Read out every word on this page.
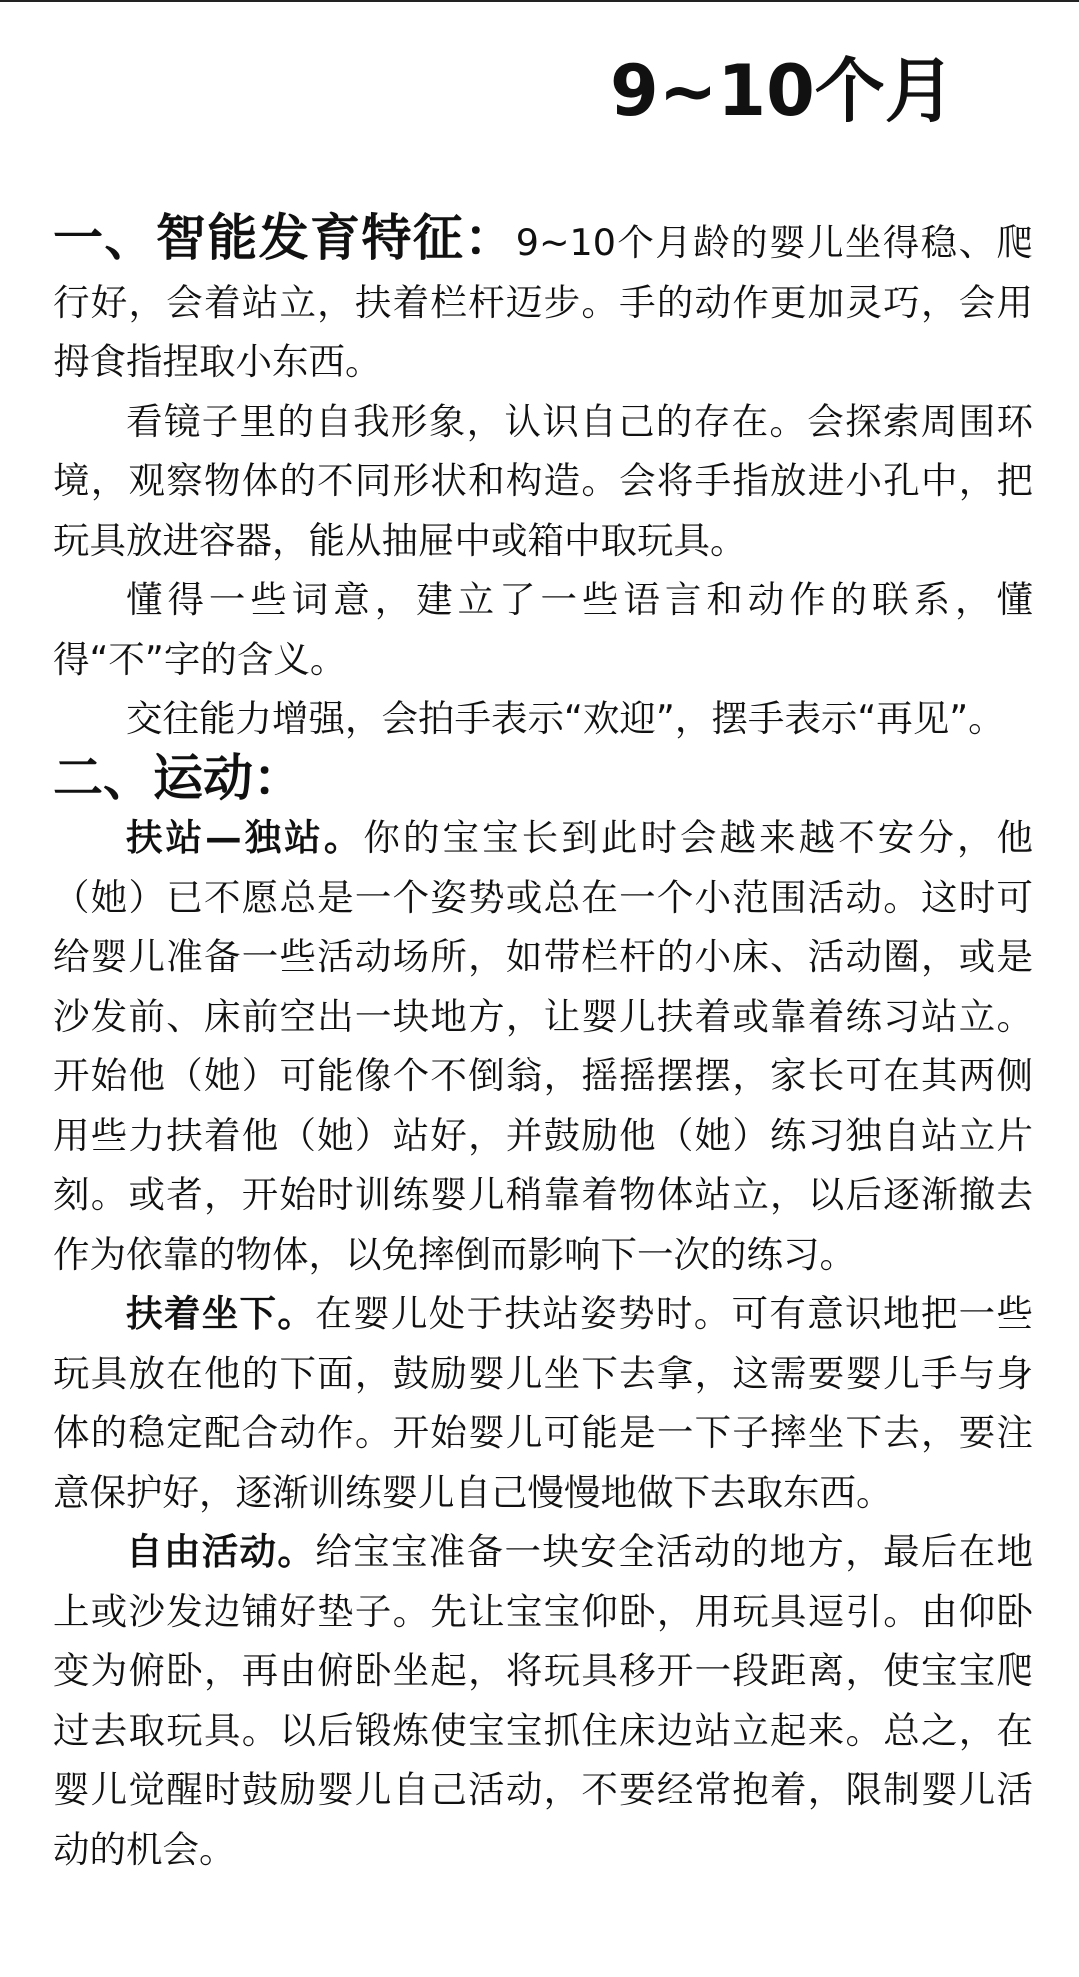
9~10个月

一、智能发育特征：9~10个月龄的婴儿坐得稳、爬行好，会着站立，扶着栏杆迈步。手的动作更加灵巧，会用拇食指捏取小东西。

看镜子里的自我形象，认识自己的存在。会探索周围环境，观察物体的不同形状和构造。会将手指放进小孔中，把玩具放进容器，能从抽屉中或箱中取玩具。

懂得一些词意，建立了一些语言和动作的联系，懂得“不”字的含义。

交往能力增强，会拍手表示“欢迎”，摆手表示“再见”。

二、运动：

扶站—独站。你的宝宝长到此时会越来越不安分，他（她）已不愿总是一个姿势或总在一个小范围活动。这时可给婴儿准备一些活动场所，如带栏杆的小床、活动圈，或是沙发前、床前空出一块地方，让婴儿扶着或靠着练习站立。开始他（她）可能像个不倒翁，摇摇摆摆，家长可在其两侧用些力扶着他（她）站好，并鼓励他（她）练习独自站立片刻。或者，开始时训练婴儿稍靠着物体站立，以后逐渐撤去作为依靠的物体，以免摔倒而影响下一次的练习。

扶着坐下。在婴儿处于扶站姿势时。可有意识地把一些玩具放在他的下面，鼓励婴儿坐下去拿，这需要婴儿手与身体的稳定配合动作。开始婴儿可能是一下子摔坐下去，要注意保护好，逐渐训练婴儿自己慢慢地做下去取东西。

自由活动。给宝宝准备一块安全活动的地方，最后在地上或沙发边铺好垫子。先让宝宝仰卧，用玩具逗引。由仰卧变为俯卧，再由俯卧坐起，将玩具移开一段距离，使宝宝爬过去取玩具。以后锻炼使宝宝抓住床边站立起来。总之，在婴儿觉醒时鼓励婴儿自己活动，不要经常抱着，限制婴儿活动的机会。
